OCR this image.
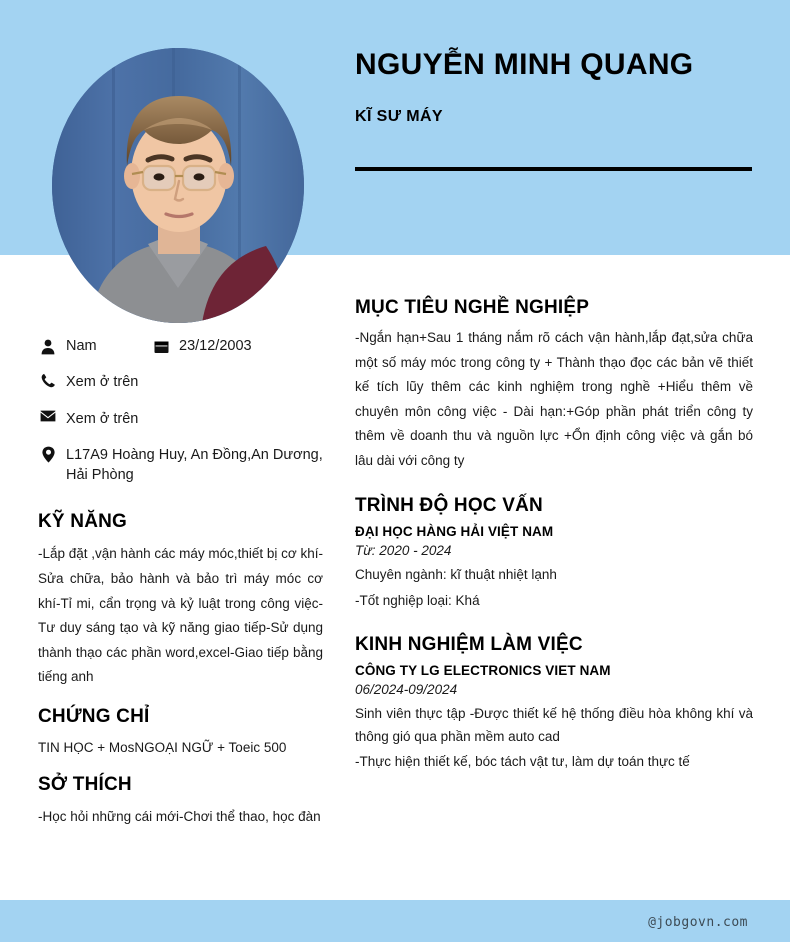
NGUYỄN MINH QUANG
KĨ SƯ MÁY
Nam	23/12/2003
Xem ở trên
Xem ở trên
L17A9 Hoàng Huy, An Đồng,An Dương, Hải Phòng
KỸ NĂNG
-Lắp đặt ,vận hành các máy móc,thiết bị cơ khí-Sửa chữa, bảo hành và bảo trì máy móc cơ khí-Tỉ mi, cẩn trọng và kỷ luật trong công việc- Tư duy sáng tạo và kỹ năng giao tiếp-Sử dụng thành thạo các phần word,excel-Giao tiếp bằng tiếng anh
CHỨNG CHỈ
TIN HỌC + MosNGOẠI NGỮ + Toeic 500
SỞ THÍCH
-Học hỏi những cái mới-Chơi thể thao, học đàn
MỤC TIÊU NGHỀ NGHIỆP
-Ngắn hạn+Sau 1 tháng nắm rõ cách vận hành,lắp đạt,sửa chữa một số máy móc trong công ty + Thành thạo đọc các bản vẽ thiết kế tích lũy thêm các kinh nghiệm trong nghề +Hiểu thêm về chuyên môn công việc - Dài hạn:+Góp phần phát triển công ty thêm về doanh thu và nguồn lực +Ổn định công việc và gắn bó lâu dài với công ty
TRÌNH ĐỘ HỌC VẤN
ĐẠI HỌC HÀNG HẢI VIỆT NAM
Từ: 2020 - 2024
Chuyên ngành: kĩ thuật nhiệt lạnh
-Tốt nghiệp loại: Khá
KINH NGHIỆM LÀM VIỆC
CÔNG TY LG ELECTRONICS VIET NAM
06/2024-09/2024
Sinh viên thực tập -Được thiết kế hệ thống điều hòa không khí và thông gió qua phần mềm auto cad
-Thực hiện thiết kế, bóc tách vật tư, làm dự toán thực tế
@jobgovn.com
